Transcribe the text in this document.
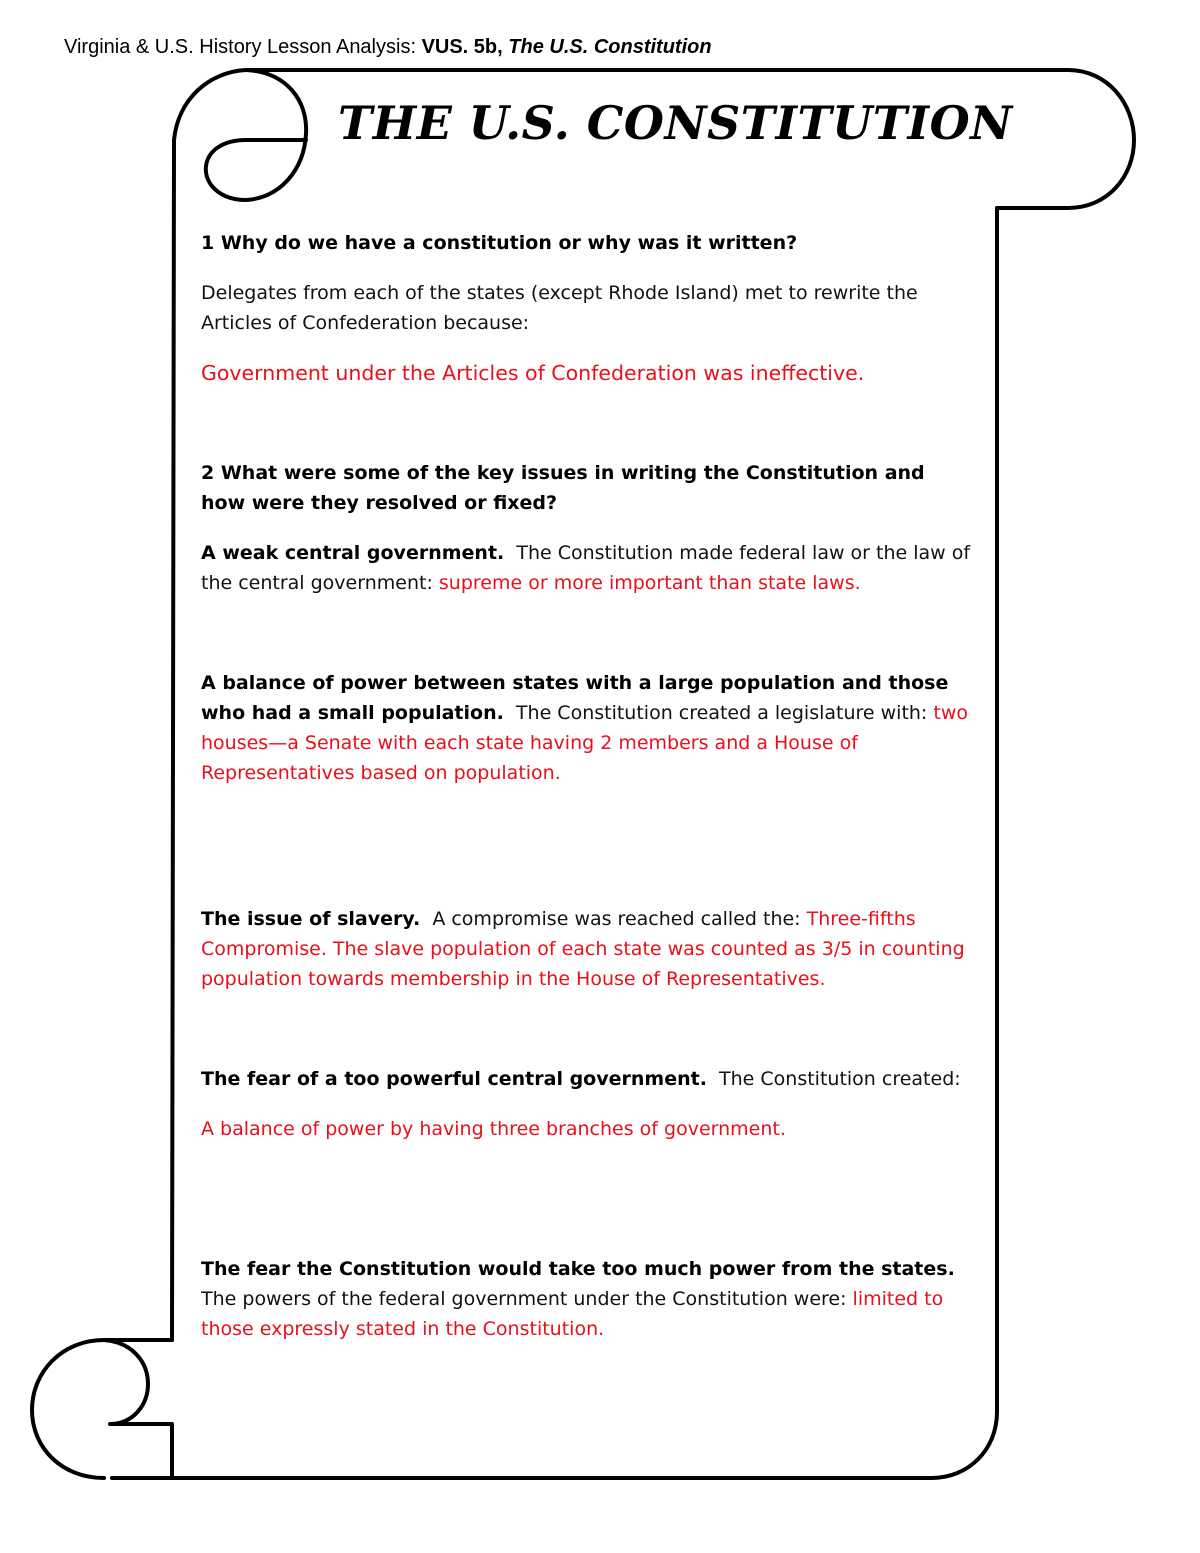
Virginia & U.S. History Lesson Analysis: VUS. 5b, The U.S. Constitution
THE U.S. CONSTITUTION

1 Why do we have a constitution or why was it written?

Delegates from each of the states (except Rhode Island) met to rewrite the Articles of Confederation because:

Government under the Articles of Confederation was ineffective.

2 What were some of the key issues in writing the Constitution and how were they resolved or fixed?

A weak central government. The Constitution made federal law or the law of the central government: supreme or more important than state laws.

A balance of power between states with a large population and those who had a small population. The Constitution created a legislature with: two houses—a Senate with each state having 2 members and a House of Representatives based on population.

The issue of slavery. A compromise was reached called the: Three-fifths Compromise. The slave population of each state was counted as 3/5 in counting population towards membership in the House of Representatives.

The fear of a too powerful central government. The Constitution created:

A balance of power by having three branches of government.

The fear the Constitution would take too much power from the states. The powers of the federal government under the Constitution were: limited to those expressly stated in the Constitution.
